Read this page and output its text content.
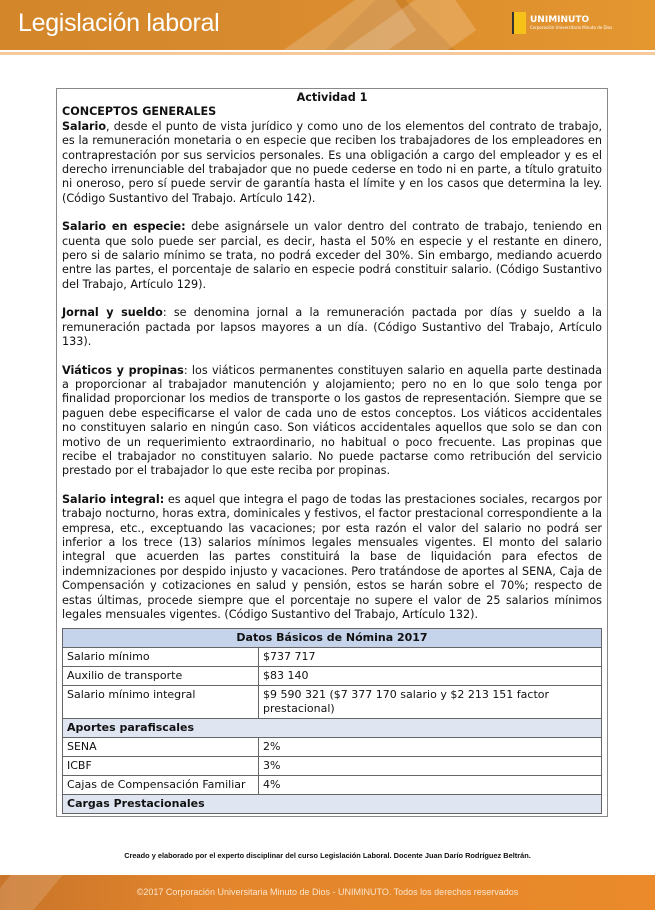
Legislación laboral	UNIMINUTO
Corporación Universitaria Minuto de Dios
Actividad 1
CONCEPTOS GENERALES

Salario, desde el punto de vista jurídico y como uno de los elementos del contrato de trabajo, es la remuneración monetaria o en especie que reciben los trabajadores de los empleadores en contraprestación por sus servicios personales. Es una obligación a cargo del empleador y es el derecho irrenunciable del trabajador que no puede cederse en todo ni en parte, a título gratuito ni oneroso, pero sí puede servir de garantía hasta el límite y en los casos que determina la ley. (Código Sustantivo del Trabajo. Artículo 142).

Salario en especie: debe asignársele un valor dentro del contrato de trabajo, teniendo en cuenta que solo puede ser parcial, es decir, hasta el 50% en especie y el restante en dinero, pero si de salario mínimo se trata, no podrá exceder del 30%. Sin embargo, mediando acuerdo entre las partes, el porcentaje de salario en especie podrá constituir salario. (Código Sustantivo del Trabajo, Artículo 129).

Jornal y sueldo: se denomina jornal a la remuneración pactada por días y sueldo a la remuneración pactada por lapsos mayores a un día. (Código Sustantivo del Trabajo, Artículo 133).

Viáticos y propinas: los viáticos permanentes constituyen salario en aquella parte destinada a proporcionar al trabajador manutención y alojamiento; pero no en lo que solo tenga por finalidad proporcionar los medios de transporte o los gastos de representación. Siempre que se paguen debe especificarse el valor de cada uno de estos conceptos. Los viáticos accidentales no constituyen salario en ningún caso. Son viáticos accidentales aquellos que solo se dan con motivo de un requerimiento extraordinario, no habitual o poco frecuente. Las propinas que recibe el trabajador no constituyen salario. No puede pactarse como retribución del servicio prestado por el trabajador lo que este reciba por propinas.

Salario integral: es aquel que integra el pago de todas las prestaciones sociales, recargos por trabajo nocturno, horas extra, dominicales y festivos, el factor prestacional correspondiente a la empresa, etc., exceptuando las vacaciones; por esta razón el valor del salario no podrá ser inferior a los trece (13) salarios mínimos legales mensuales vigentes. El monto del salario integral que acuerden las partes constituirá la base de liquidación para efectos de indemnizaciones por despido injusto y vacaciones. Pero tratándose de aportes al SENA, Caja de Compensación y cotizaciones en salud y pensión, estos se harán sobre el 70%; respecto de estas últimas, procede siempre que el porcentaje no supere el valor de 25 salarios mínimos legales mensuales vigentes. (Código Sustantivo del Trabajo, Artículo 132).

Datos Básicos de Nómina 2017	
Salario mínimo	$737 717
Auxilio de transporte	$83 140
Salario mínimo integral	$9 590 321 ($7 377 170 salario y $2 213 151 factor prestacional)
Aportes parafiscales	
SENA	2%
ICBF	3%
Cajas de Compensación Familiar	4%
Cargas Prestacionales	
Creado y elaborado por el experto disciplinar del curso Legislación Laboral. Docente Juan Darío Rodríguez Beltrán.
©2017 Corporación Universitaria Minuto de Dios - UNIMINUTO. Todos los derechos reservados
